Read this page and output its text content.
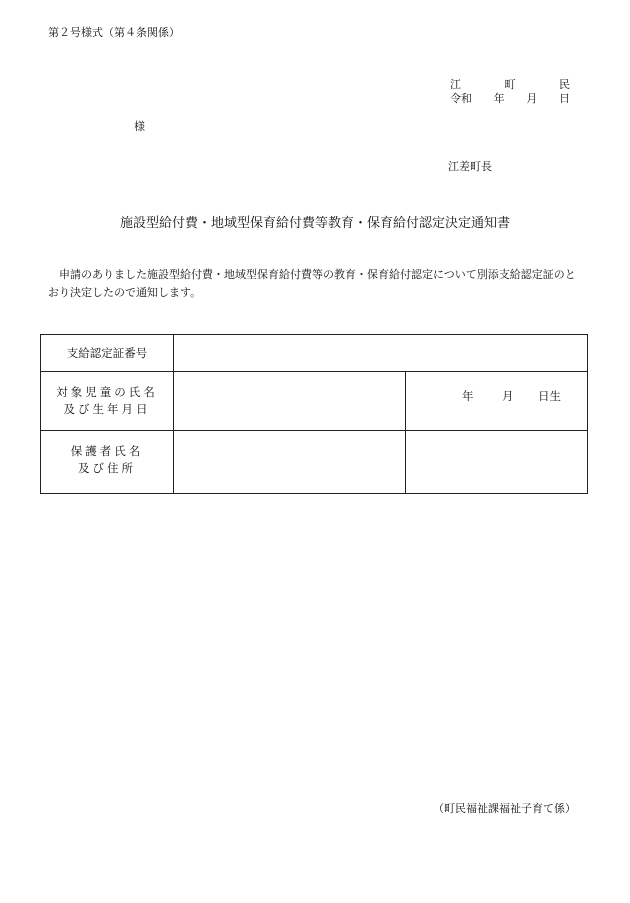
第２号様式（第４条関係）
江	町	民
令和 年 月 日
様
江差町長
施設型給付費・地域型保育給付費等教育・保育給付認定決定通知書
申請のありました施設型給付費・地域型保育給付費等の教育・保育給付認定について別添支給認定証のとおり決定したので通知します。
支給認定証番号
対象児童の氏名
及び生年月日
年 月 日生
保護者氏名
及び住所
（町民福祉課福祉子育て係）
